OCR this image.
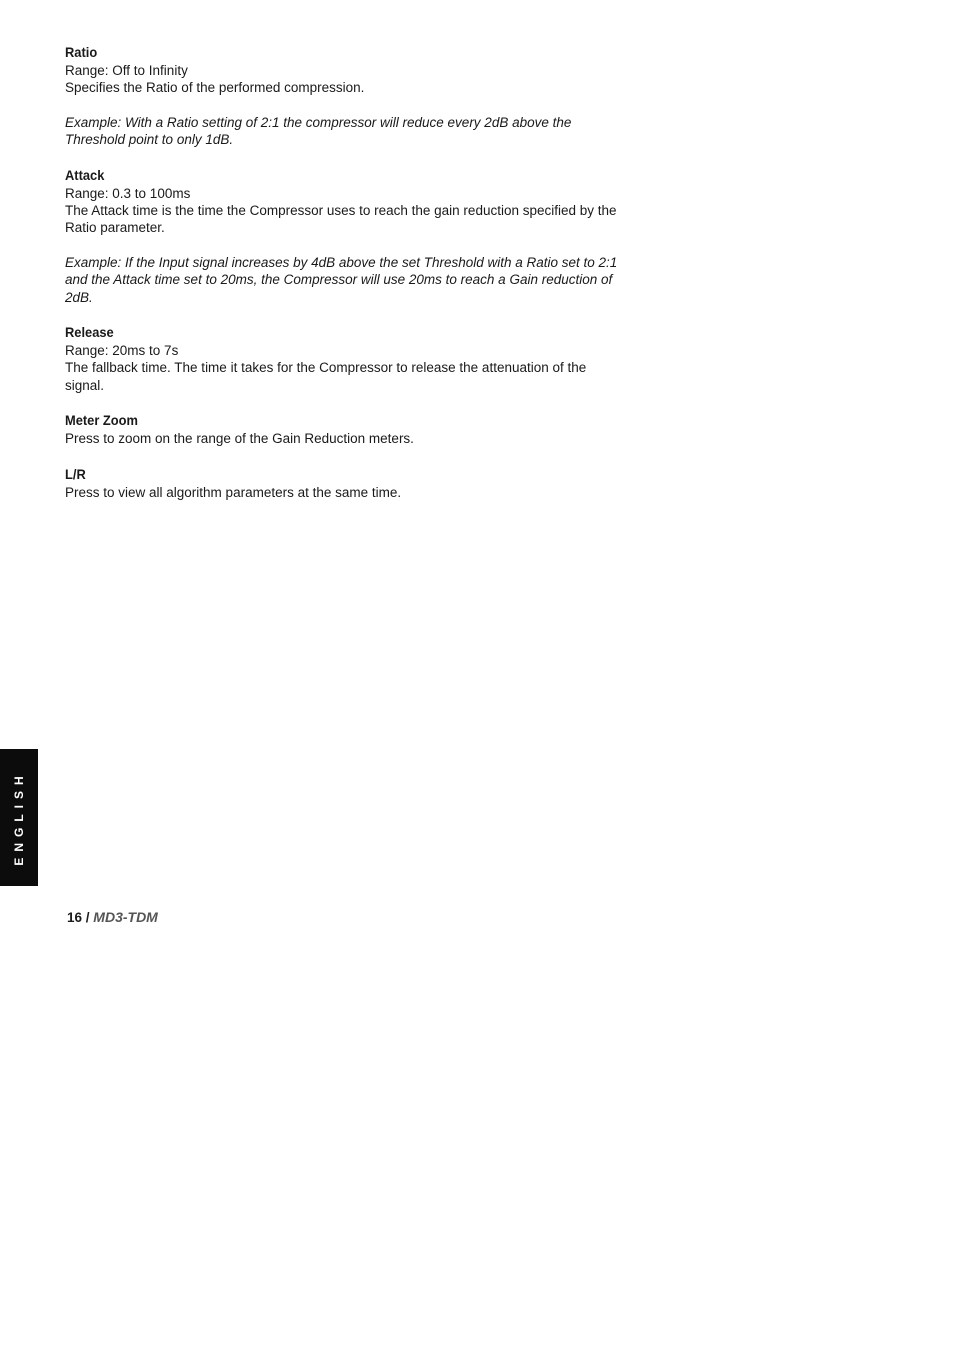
Ratio

Range: Off to Infinity

Specifies the Ratio of the performed compression.

Example: With a Ratio setting of 2:1 the compressor will reduce every 2dB above the Threshold point to only 1dB.

Attack

Range: 0.3 to 100ms

The Attack time is the time the Compressor uses to reach the gain reduction specified by the Ratio parameter.

Example: If the Input signal increases by 4dB above the set Threshold with a Ratio set to 2:1 and the Attack time set to 20ms, the Compressor will use 20ms to reach a Gain reduction of 2dB.

Release

Range: 20ms to 7s

The fallback time. The time it takes for the Compressor to release the attenuation of the signal.

Meter Zoom

Press to zoom on the range of the Gain Reduction meters.

L/R

Press to view all algorithm parameters at the same time.

ENGLISH
16 / MD3-TDM
